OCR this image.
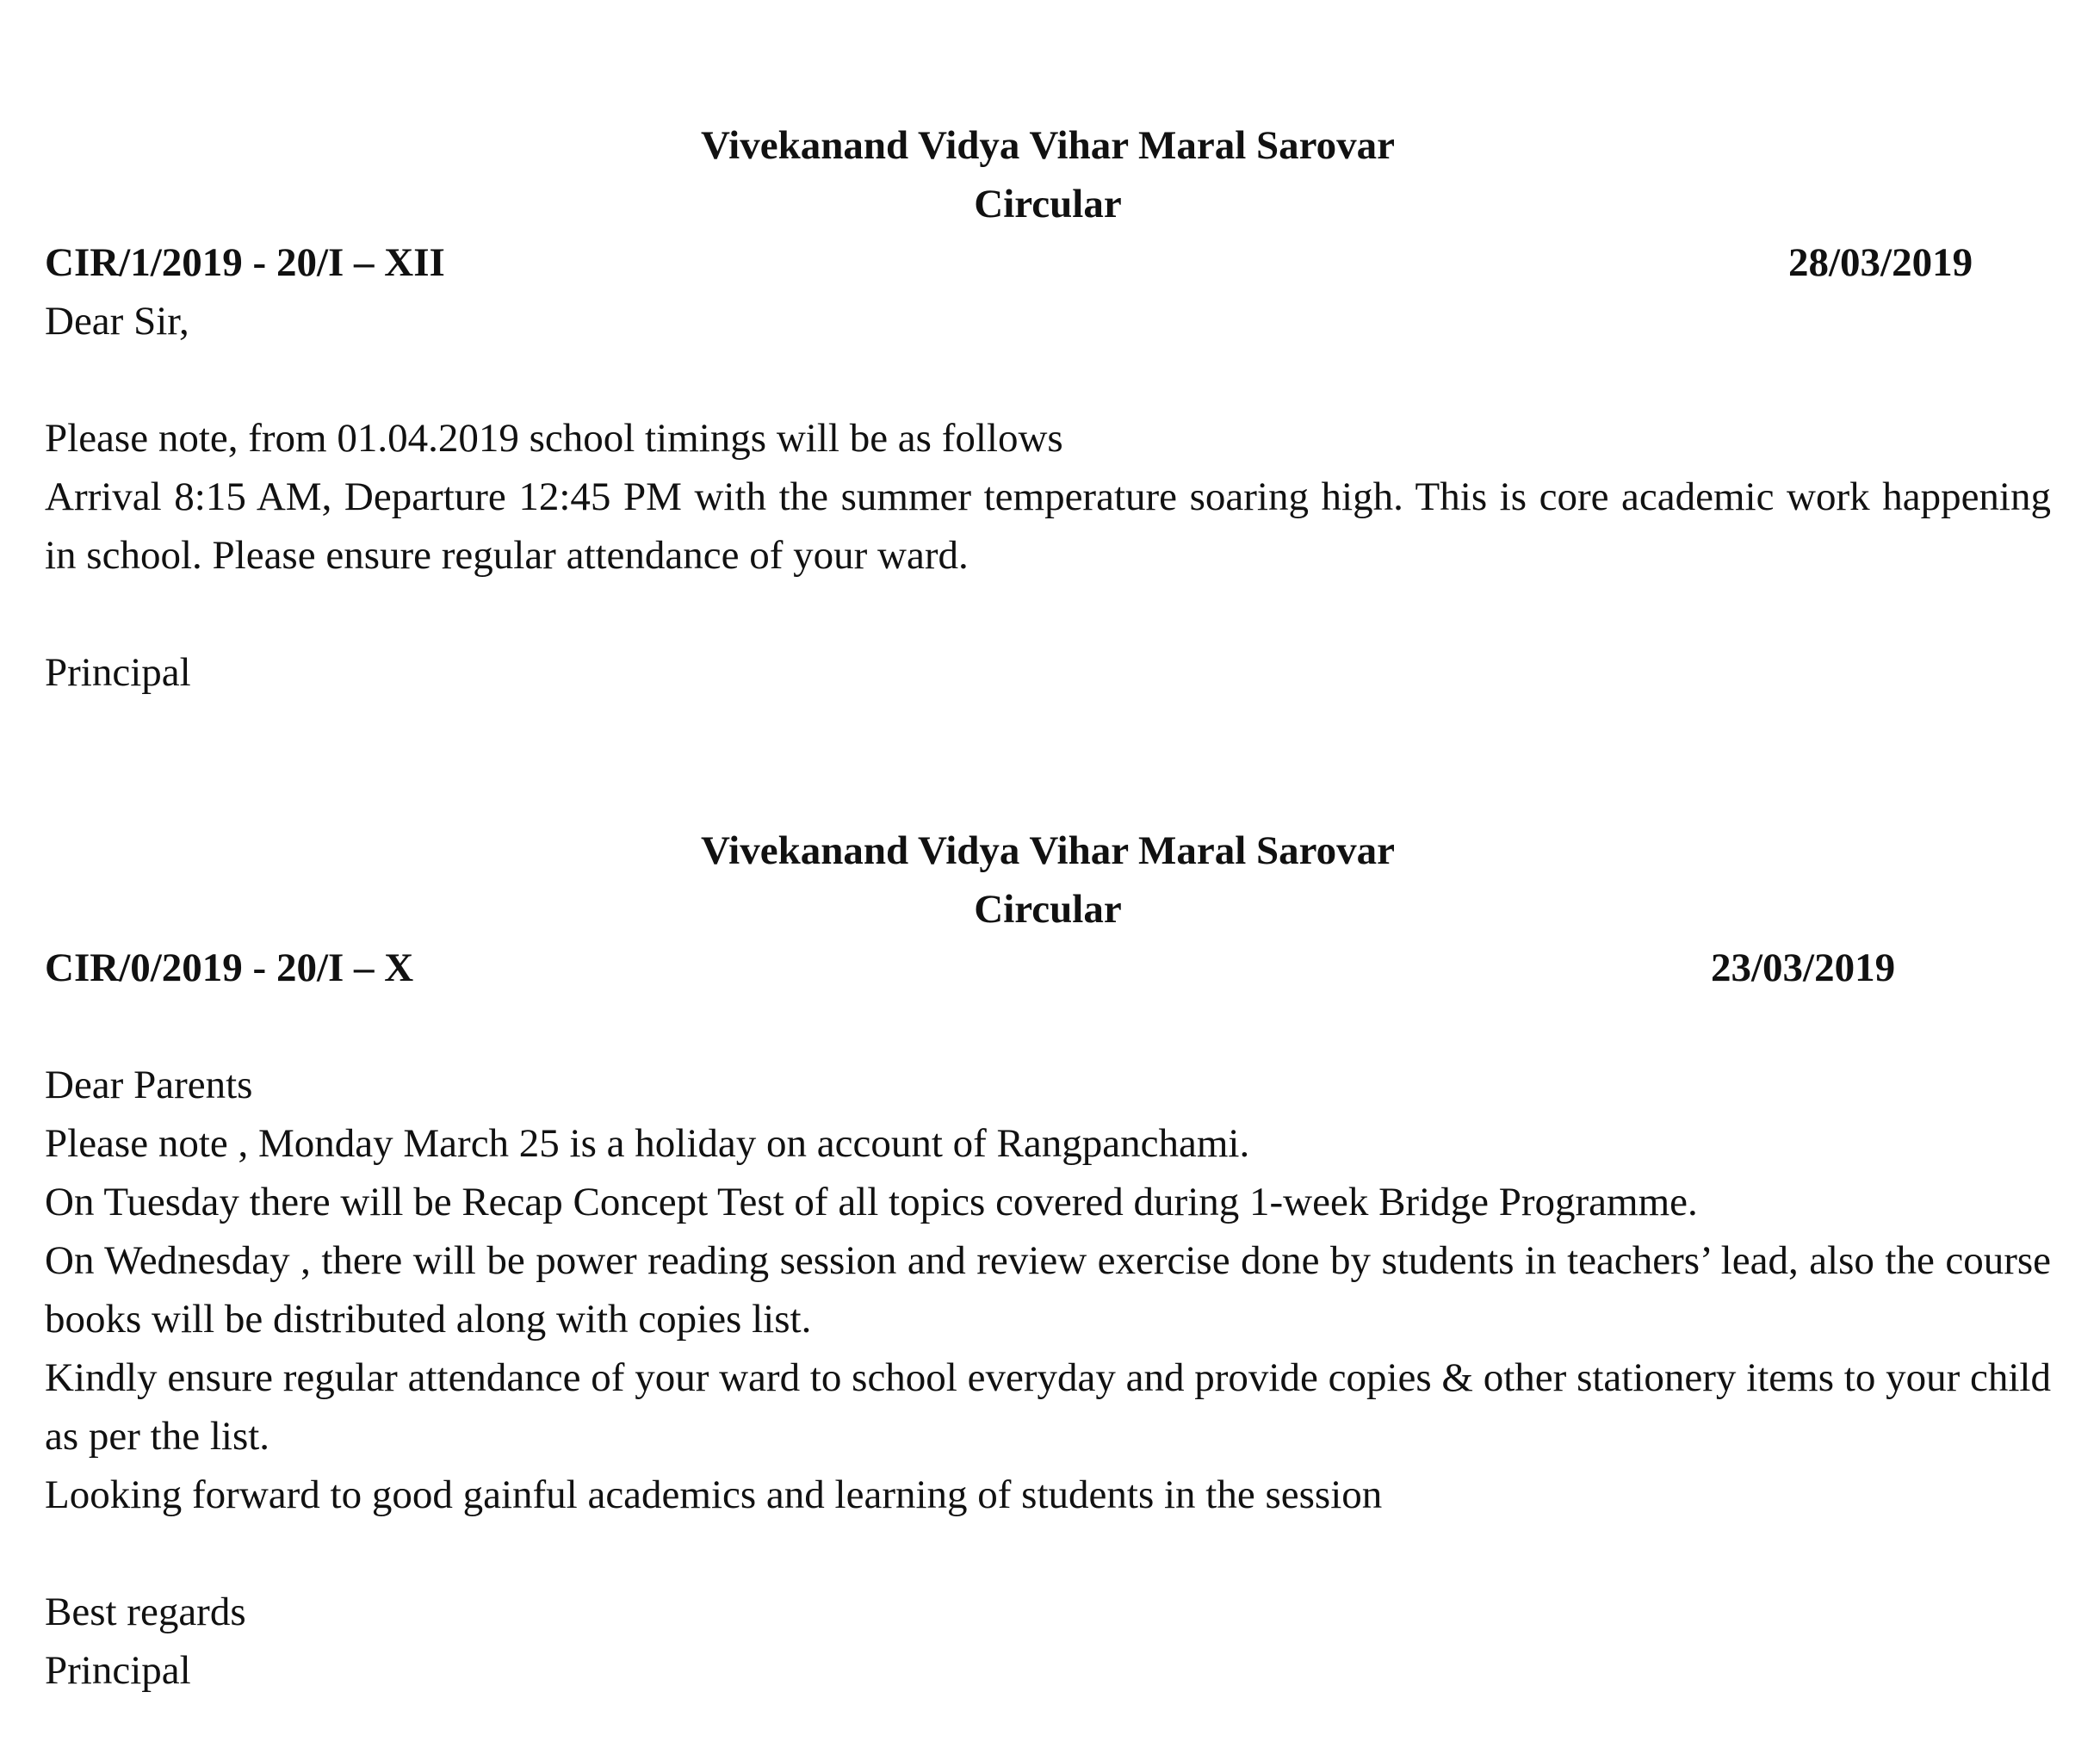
Vivekanand Vidya Vihar Maral Sarovar
Circular
CIR/1/2019 - 20/I – XII	28/03/2019
Dear Sir,

Please note, from 01.04.2019 school timings will be as follows

Arrival 8:15 AM, Departure 12:45 PM with the summer temperature soaring high. This is core academic work happening in school. Please ensure regular attendance of your ward.

Principal
Vivekanand Vidya Vihar Maral Sarovar
Circular
CIR/0/2019 - 20/I – X	23/03/2019
Dear Parents

Please note , Monday March 25 is a holiday on account of Rangpanchami.

On Tuesday there will be Recap Concept Test of all topics covered during 1-week Bridge Programme.

On Wednesday , there will be power reading session and review exercise done by students in teachers’ lead, also the course books will be distributed along with copies list.

Kindly ensure regular attendance of your ward to school everyday and provide copies & other stationery items to your child as per the list.

Looking forward to good gainful academics and learning of students in the session

Best regards
Principal
